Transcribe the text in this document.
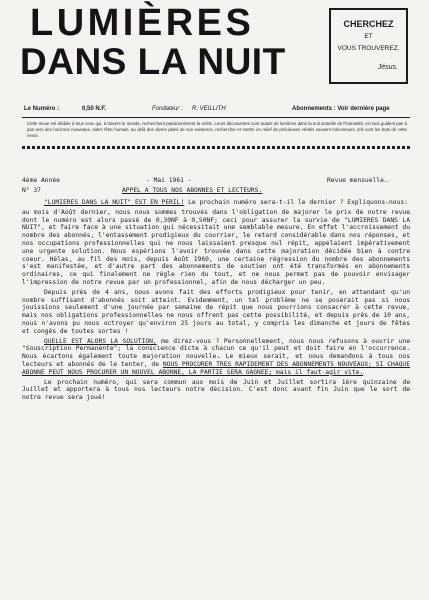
LUMIÈRES
DANS LA NUIT
CHERCHEZ
ET
VOUS TROUVEREZ.
Jésus.
Le Numéro :	0,50 N.F.	Fondateur : R. VEILLITH	Abonnements : Voir dernière page
Cette revue est dédiée à tous ceux qui, à travers le monde, recherchent passionnément la vérité. Leurs découvertes sont autant de lumières dans la nuit actuelle de l'humanité, et nous guident pas à pas vers des horizons nouveaux. Aider l'être humain, au delà des divers plans de son existence, rechercher et mettre en relief de précieuses vérités souvent méconnues, tels sont les buts de cette revue.
4ème Année	- Mai 1961 -	Revue mensuelle.
N° 37	APPEL A TOUS NOS ABONNES ET LECTEURS.

"LUMIERES DANS LA NUIT" EST EN PERIL! Le prochain numéro sera-t-il le dernier ? Expliquons-nous:

au mois d'Août dernier, nous nous sommes trouvés dans l'obligation de majorer le prix de notre revue dont le numéro est alors passé de 0,30NF à 0,50NF; ceci pour assurer la survie de "LUMIERES DANS LA NUIT", et faire face à une situation qui nécessitait une semblable mesure. En effet l'accroissement du nombre des abonnés, l'entassement prodigieux du courrier, le retard considérable dans nos réponses, et nos occupations professionnelles qui ne nous laissaient presque nul répit, appelaient impérativement une urgente solution. Nous espérions l'avoir trouvée dans cette majoration décidée bien à contre coeur. Hélas, au fil des mois, depuis Août 1960, une certaine régression du nombre des abonnements s'est manifestée, et d'autre part des abonnements de soutien ont été transformés en abonnements ordinaires, ce qui finalement ne règle rien du tout, et ne nous permet pas de pouvoir envisager l'impression de notre revue par un professionnel, afin de nous décharger un peu.

Depuis près de 4 ans, nous avons fait des efforts prodigieux pour tenir, en attendant qu'un nombre suffisant d'abonnés soit atteint. Evidemment, un tel problème ne se poserait pas si nous jouissions seulement d'une journée par semaine de répit que nous pourrions consacrer à cette revue, mais nos obligations professionnelles ne nous offrent pas cette possibilité, et depuis près de 10 ans, nous n'avons pu nous octroyer qu'environ 25 jours au total, y compris les dimanche et jours de fêtes et congés de toutes sortes !

QUELLE EST ALORS LA SOLUTION, me direz-vous ? Personnellement, nous nous refusons à ouvrir une "Souscription Permanente"; la conscience dicte à chacun ce qu'il peut et doit faire en l'occurrence. Nous écartons également toute majoration nouvelle. Le mieux serait, et nous demandons à tous nos lecteurs et abonnés de le tenter, de NOUS PROCURER TRES RAPIDEMENT DES ABONNEMENTS NOUVEAUX; SI CHAQUE ABONNE PEUT NOUS PROCURER UN NOUVEL ABONNE, LA PARTIE SERA GAGNEE; mais il faut agir vite.

Le prochain numéro, qui sera commun aux mois de Juin et Juillet sortira 1ère quinzaine de Juillet et apportera à tous nos lecteurs notre décision. C'est donc avant fin Juin que le sort de notre revue sera joué!
